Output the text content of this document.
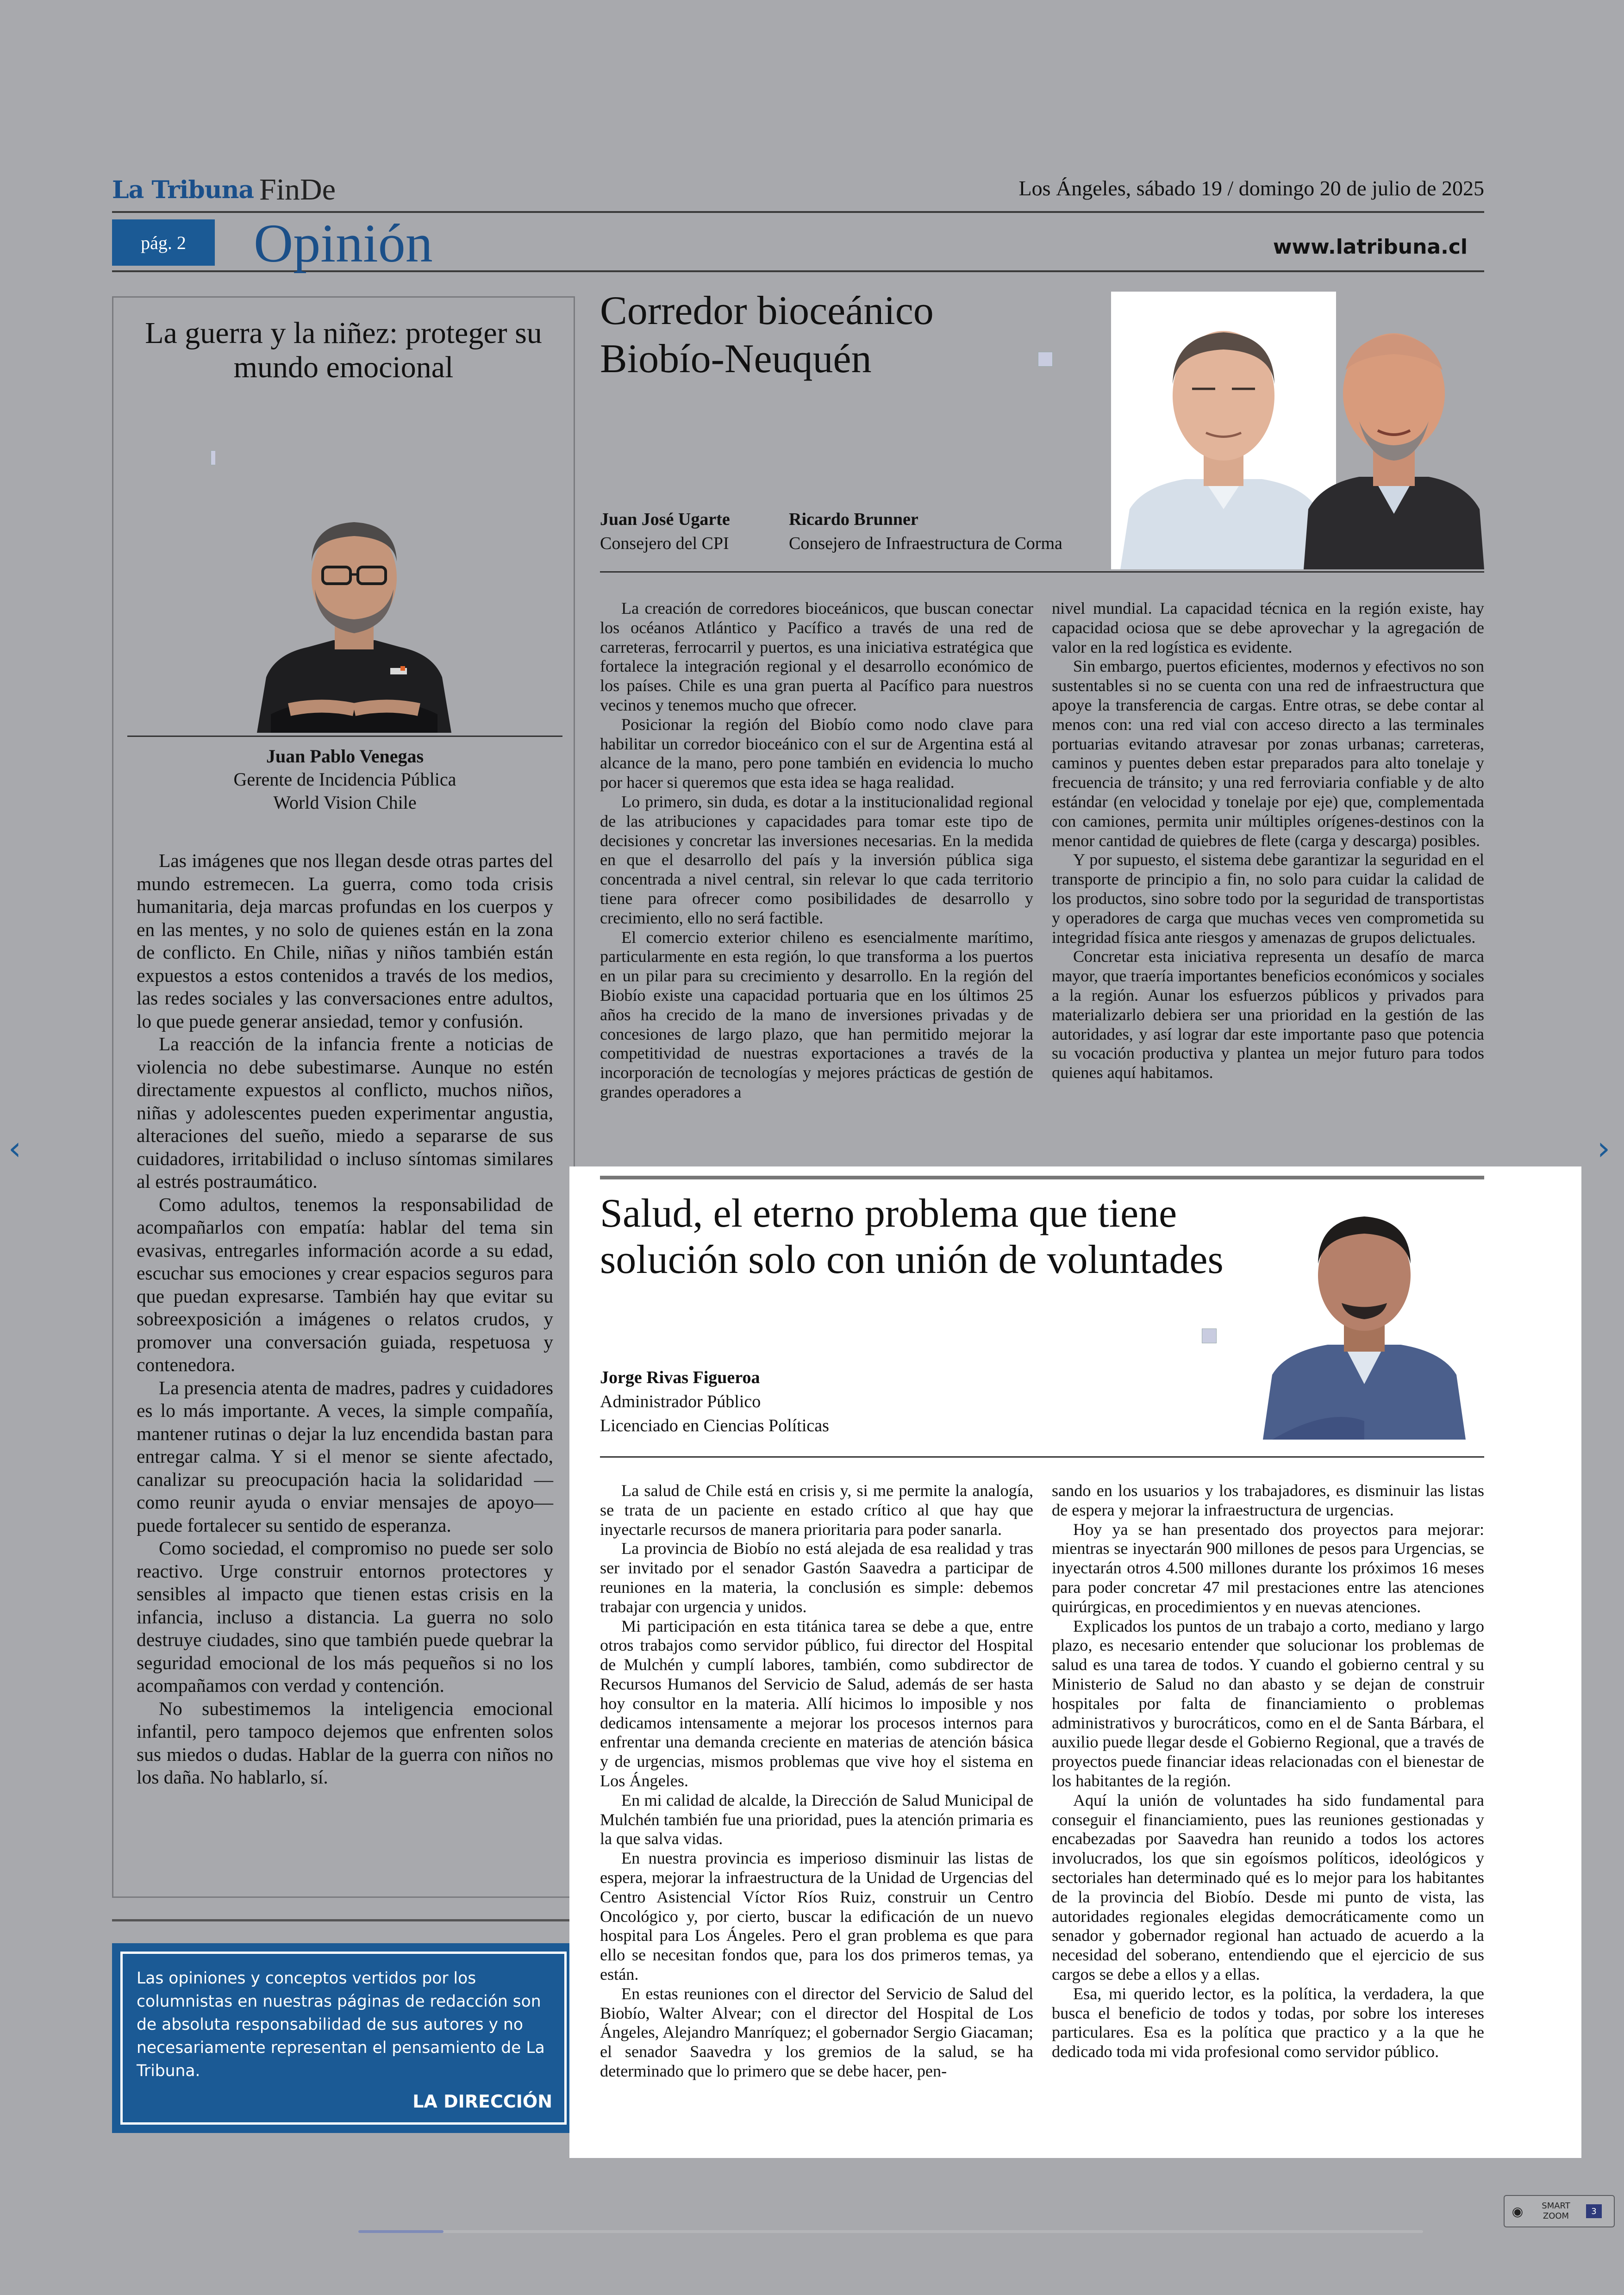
‹	›
La Tribuna FinDe	Los Ángeles, sábado 19 / domingo 20 de julio de 2025
pág. 2	Opinión	www.latribuna.cl
La guerra y la niñez: proteger su mundo emocional
Juan Pablo Venegas
Gerente de Incidencia Pública
World Vision Chile

Las imágenes que nos llegan desde otras partes del mundo estremecen. La guerra, como toda crisis humanitaria, deja marcas profundas en los cuerpos y en las mentes, y no solo de quienes están en la zona de conflicto. En Chile, niñas y niños también están expuestos a estos contenidos a través de los medios, las redes sociales y las conversaciones entre adultos, lo que puede generar ansiedad, temor y confusión.

La reacción de la infancia frente a noticias de violencia no debe subestimarse. Aunque no estén directamente expuestos al conflicto, muchos niños, niñas y adolescentes pueden experimentar angustia, alteraciones del sueño, miedo a separarse de sus cuidadores, irritabilidad o incluso síntomas similares al estrés postraumático.

Como adultos, tenemos la responsabilidad de acompañarlos con empatía: hablar del tema sin evasivas, entregarles información acorde a su edad, escuchar sus emociones y crear espacios seguros para que puedan expresarse. También hay que evitar su sobreexposición a imágenes o relatos crudos, y promover una conversación guiada, respetuosa y contenedora.

La presencia atenta de madres, padres y cuidadores es lo más importante. A veces, la simple compañía, mantener rutinas o dejar la luz encendida bastan para entregar calma. Y si el menor se siente afectado, canalizar su preocupación hacia la solidaridad —como reunir ayuda o enviar mensajes de apoyo— puede fortalecer su sentido de esperanza.

Como sociedad, el compromiso no puede ser solo reactivo. Urge construir entornos protectores y sensibles al impacto que tienen estas crisis en la infancia, incluso a distancia. La guerra no solo destruye ciudades, sino que también puede quebrar la seguridad emocional de los más pequeños si no los acompañamos con verdad y contención.

No subestimemos la inteligencia emocional infantil, pero tampoco dejemos que enfrenten solos sus miedos o dudas. Hablar de la guerra con niños no los daña. No hablarlo, sí.

Las opiniones y conceptos vertidos por los columnistas en nuestras páginas de redacción son de absoluta responsabilidad de sus autores y no necesariamente representan el pensamiento de La Tribuna.
LA DIRECCIÓN
Corredor bioceánico
Biobío-Neuquén
Juan José Ugarte
Consejero del CPI
Ricardo Brunner
Consejero de Infraestructura de Corma

La creación de corredores bioceánicos, que buscan conectar los océanos Atlántico y Pacífico a través de una red de carreteras, ferrocarril y puertos, es una iniciativa estratégica que fortalece la integración regional y el desarrollo económico de los países. Chile es una gran puerta al Pacífico para nuestros vecinos y tenemos mucho que ofrecer.

Posicionar la región del Biobío como nodo clave para habilitar un corredor bioceánico con el sur de Argentina está al alcance de la mano, pero pone también en evidencia lo mucho por hacer si queremos que esta idea se haga realidad.

Lo primero, sin duda, es dotar a la institucionalidad regional de las atribuciones y capacidades para tomar este tipo de decisiones y concretar las inversiones necesarias. En la medida en que el desarrollo del país y la inversión pública siga concentrada a nivel central, sin relevar lo que cada territorio tiene para ofrecer como posibilidades de desarrollo y crecimiento, ello no será factible.

El comercio exterior chileno es esencialmente marítimo, particularmente en esta región, lo que transforma a los puertos en un pilar para su crecimiento y desarrollo. En la región del Biobío existe una capacidad portuaria que en los últimos 25 años ha crecido de la mano de inversiones privadas y de concesiones de largo plazo, que han permitido mejorar la competitividad de nuestras exportaciones a través de la incorporación de tecnologías y mejores prácticas de gestión de grandes operadores a

nivel mundial. La capacidad técnica en la región existe, hay capacidad ociosa que se debe aprovechar y la agregación de valor en la red logística es evidente.

Sin embargo, puertos eficientes, modernos y efectivos no son sustentables si no se cuenta con una red de infraestructura que apoye la transferencia de cargas. Entre otras, se debe contar al menos con: una red vial con acceso directo a las terminales portuarias evitando atravesar por zonas urbanas; carreteras, caminos y puentes deben estar preparados para alto tonelaje y frecuencia de tránsito; y una red ferroviaria confiable y de alto estándar (en velocidad y tonelaje por eje) que, complementada con camiones, permita unir múltiples orígenes-destinos con la menor cantidad de quiebres de flete (carga y descarga) posibles.

Y por supuesto, el sistema debe garantizar la seguridad en el transporte de principio a fin, no solo para cuidar la calidad de los productos, sino sobre todo por la seguridad de transportistas y operadores de carga que muchas veces ven comprometida su integridad física ante riesgos y amenazas de grupos delictuales.

Concretar esta iniciativa representa un desafío de marca mayor, que traería importantes beneficios económicos y sociales a la región. Aunar los esfuerzos públicos y privados para materializarlo debiera ser una prioridad en la gestión de las autoridades, y así lograr dar este importante paso que potencia su vocación productiva y plantea un mejor futuro para todos quienes aquí habitamos.

Salud, el eterno problema que tiene
solución solo con unión de voluntades
Jorge Rivas Figueroa
Administrador Público
Licenciado en Ciencias Políticas

La salud de Chile está en crisis y, si me permite la analogía, se trata de un paciente en estado crítico al que hay que inyectarle recursos de manera prioritaria para poder sanarla.

La provincia de Biobío no está alejada de esa realidad y tras ser invitado por el senador Gastón Saavedra a participar de reuniones en la materia, la conclusión es simple: debemos trabajar con urgencia y unidos.

Mi participación en esta titánica tarea se debe a que, entre otros trabajos como servidor público, fui director del Hospital de Mulchén y cumplí labores, también, como subdirector de Recursos Humanos del Servicio de Salud, además de ser hasta hoy consultor en la materia. Allí hicimos lo imposible y nos dedicamos intensamente a mejorar los procesos internos para enfrentar una demanda creciente en materias de atención básica y de urgencias, mismos problemas que vive hoy el sistema en Los Ángeles.

En mi calidad de alcalde, la Dirección de Salud Municipal de Mulchén también fue una prioridad, pues la atención primaria es la que salva vidas.

En nuestra provincia es imperioso disminuir las listas de espera, mejorar la infraestructura de la Unidad de Urgencias del Centro Asistencial Víctor Ríos Ruiz, construir un Centro Oncológico y, por cierto, buscar la edificación de un nuevo hospital para Los Ángeles. Pero el gran problema es que para ello se necesitan fondos que, para los dos primeros temas, ya están.

En estas reuniones con el director del Servicio de Salud del Biobío, Walter Alvear; con el director del Hospital de Los Ángeles, Alejandro Manríquez; el gobernador Sergio Giacaman; el senador Saavedra y los gremios de la salud, se ha determinado que lo primero que se debe hacer, pen-

sando en los usuarios y los trabajadores, es disminuir las listas de espera y mejorar la infraestructura de urgencias.

Hoy ya se han presentado dos proyectos para mejorar: mientras se inyectarán 900 millones de pesos para Urgencias, se inyectarán otros 4.500 millones durante los próximos 16 meses para poder concretar 47 mil prestaciones entre las atenciones quirúrgicas, en procedimientos y en nuevas atenciones.

Explicados los puntos de un trabajo a corto, mediano y largo plazo, es necesario entender que solucionar los problemas de salud es una tarea de todos. Y cuando el gobierno central y su Ministerio de Salud no dan abasto y se dejan de construir hospitales por falta de financiamiento o problemas administrativos y burocráticos, como en el de Santa Bárbara, el auxilio puede llegar desde el Gobierno Regional, que a través de proyectos puede financiar ideas relacionadas con el bienestar de los habitantes de la región.

Aquí la unión de voluntades ha sido fundamental para conseguir el financiamiento, pues las reuniones gestionadas y encabezadas por Saavedra han reunido a todos los actores involucrados, los que sin egoísmos políticos, ideológicos y sectoriales han determinado qué es lo mejor para los habitantes de la provincia del Biobío. Desde mi punto de vista, las autoridades regionales elegidas democráticamente como un senador y gobernador regional han actuado de acuerdo a la necesidad del soberano, entendiendo que el ejercicio de sus cargos se debe a ellos y a ellas.

Esa, mi querido lector, es la política, la verdadera, la que busca el beneficio de todos y todas, por sobre los intereses particulares. Esa es la política que practico y a la que he dedicado toda mi vida profesional como servidor público.

◉	SMART
ZOOM	3
